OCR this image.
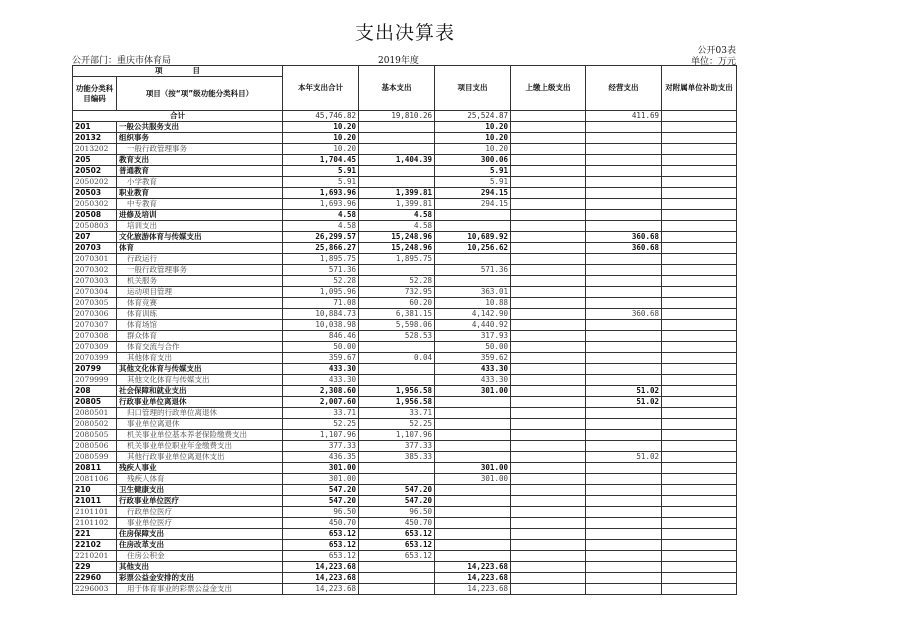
支出决算表
公开部门：重庆市体育局	2019年度
公开03表
单位：万元
项　　　　目		本年支出合计	基本支出	项目支出	上缴上级支出	经营支出	对附属单位补助支出
功能分类科目编码	项目（按“项”级功能分类科目）						
合计		45,746.82	19,810.26	25,524.87		411.69	
201	一般公共服务支出	10.20		10.20			
20132	组织事务	10.20		10.20			
2013202	一般行政管理事务	10.20		10.20			
205	教育支出	1,704.45	1,404.39	300.06			
20502	普通教育	5.91		5.91			
2050202	小学教育	5.91		5.91			
20503	职业教育	1,693.96	1,399.81	294.15			
2050302	中专教育	1,693.96	1,399.81	294.15			
20508	进修及培训	4.58	4.58				
2050803	培训支出	4.58	4.58				
207	文化旅游体育与传媒支出	26,299.57	15,248.96	10,689.92		360.68	
20703	体育	25,866.27	15,248.96	10,256.62		360.68	
2070301	行政运行	1,895.75	1,895.75				
2070302	一般行政管理事务	571.36		571.36			
2070303	机关服务	52.28	52.28				
2070304	运动项目管理	1,095.96	732.95	363.01			
2070305	体育竞赛	71.08	60.20	10.88			
2070306	体育训练	10,884.73	6,381.15	4,142.90		360.68	
2070307	体育场馆	10,038.98	5,598.06	4,440.92			
2070308	群众体育	846.46	528.53	317.93			
2070309	体育交流与合作	50.00		50.00			
2070399	其他体育支出	359.67	0.04	359.62			
20799	其他文化体育与传媒支出	433.30		433.30			
2079999	其他文化体育与传媒支出	433.30		433.30			
208	社会保障和就业支出	2,308.60	1,956.58	301.00		51.02	
20805	行政事业单位离退休	2,007.60	1,956.58			51.02	
2080501	归口管理的行政单位离退休	33.71	33.71				
2080502	事业单位离退休	52.25	52.25				
2080505	机关事业单位基本养老保险缴费支出	1,107.96	1,107.96				
2080506	机关事业单位职业年金缴费支出	377.33	377.33				
2080599	其他行政事业单位离退休支出	436.35	385.33			51.02	
20811	残疾人事业	301.00		301.00			
2081106	残疾人体育	301.00		301.00			
210	卫生健康支出	547.20	547.20				
21011	行政事业单位医疗	547.20	547.20				
2101101	行政单位医疗	96.50	96.50				
2101102	事业单位医疗	450.70	450.70				
221	住房保障支出	653.12	653.12				
22102	住房改革支出	653.12	653.12				
2210201	住房公积金	653.12	653.12				
229	其他支出	14,223.68		14,223.68			
22960	彩票公益金安排的支出	14,223.68		14,223.68			
2296003	用于体育事业的彩票公益金支出	14,223.68		14,223.68			
